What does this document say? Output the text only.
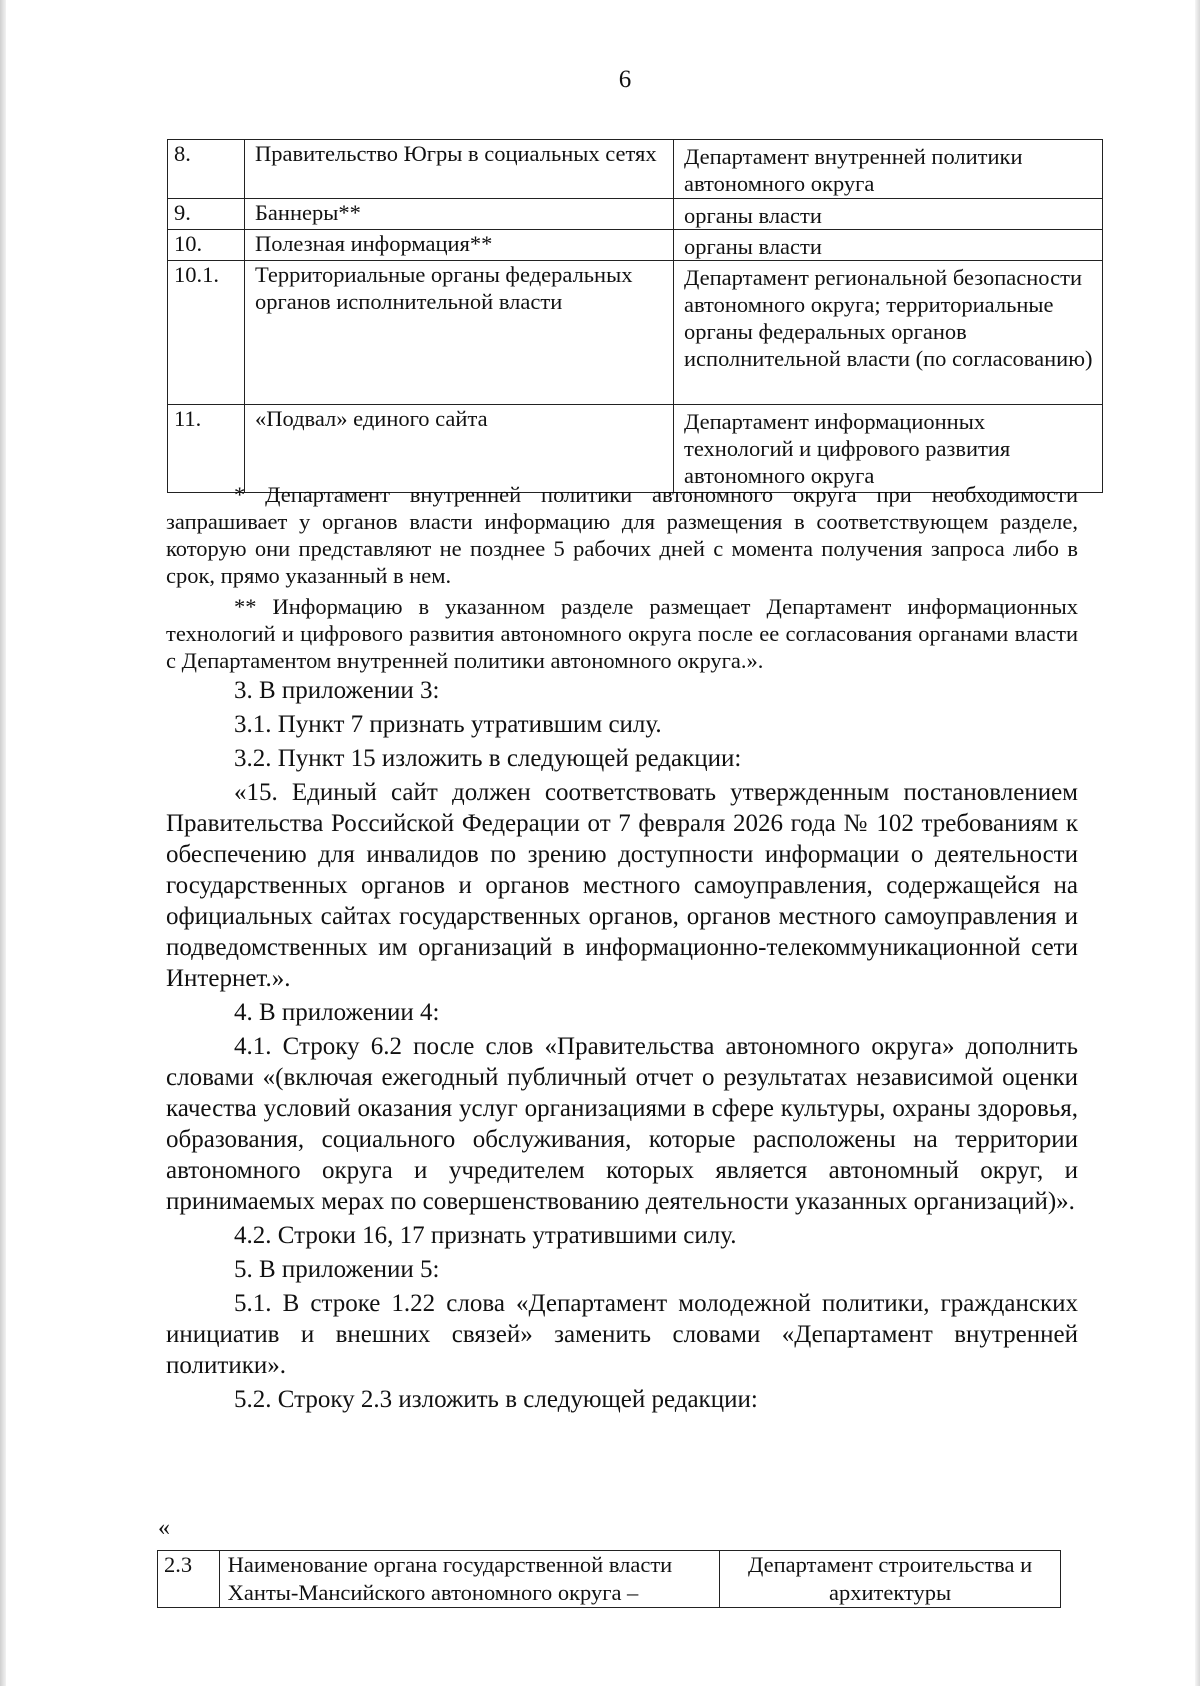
6
8.	Правительство Югры в социальных сетях	Департамент внутренней политики автономного округа
9.	Баннеры**	органы власти
10.	Полезная информация**	органы власти
10.1.	Территориальные органы федеральных органов исполнительной власти	Департамент региональной безопасности автономного округа; территориальные органы федеральных органов исполнительной власти (по согласованию)
11.	«Подвал» единого сайта	Департамент информационных технологий и цифрового развития автономного округа

* Департамент внутренней политики автономного округа при необходимости запрашивает у органов власти информацию для размещения в соответствующем разделе, которую они представляют не позднее 5 рабочих дней с момента получения запроса либо в срок, прямо указанный в нем.

** Информацию в указанном разделе размещает Департамент информационных технологий и цифрового развития автономного округа после ее согласования органами власти с Департаментом внутренней политики автономного округа.».

3. В приложении 3:

3.1. Пункт 7 признать утратившим силу.

3.2. Пункт 15 изложить в следующей редакции:

«15. Единый сайт должен соответствовать утвержденным постановлением Правительства Российской Федерации от 7 февраля 2026 года № 102 требованиям к обеспечению для инвалидов по зрению доступности информации о деятельности государственных органов и органов местного самоуправления, содержащейся на официальных сайтах государственных органов, органов местного самоуправления и подведомственных им организаций в информационно-телекоммуникационной сети Интернет.».

4. В приложении 4:

4.1. Строку 6.2 после слов «Правительства автономного округа» дополнить словами «(включая ежегодный публичный отчет о результатах независимой оценки качества условий оказания услуг организациями в сфере культуры, охраны здоровья, образования, социального обслуживания, которые расположены на территории автономного округа и учредителем которых является автономный округ, и принимаемых мерах по совершенствованию деятельности указанных организаций)».

4.2. Строки 16, 17 признать утратившими силу.

5. В приложении 5:

5.1. В строке 1.22 слова «Департамент молодежной политики, гражданских инициатив и внешних связей» заменить словами «Департамент внутренней политики».

5.2. Строку 2.3 изложить в следующей редакции:

«
2.3	Наименование органа государственной власти Ханты-Мансийского автономного округа –	Департамент строительства и архитектуры
